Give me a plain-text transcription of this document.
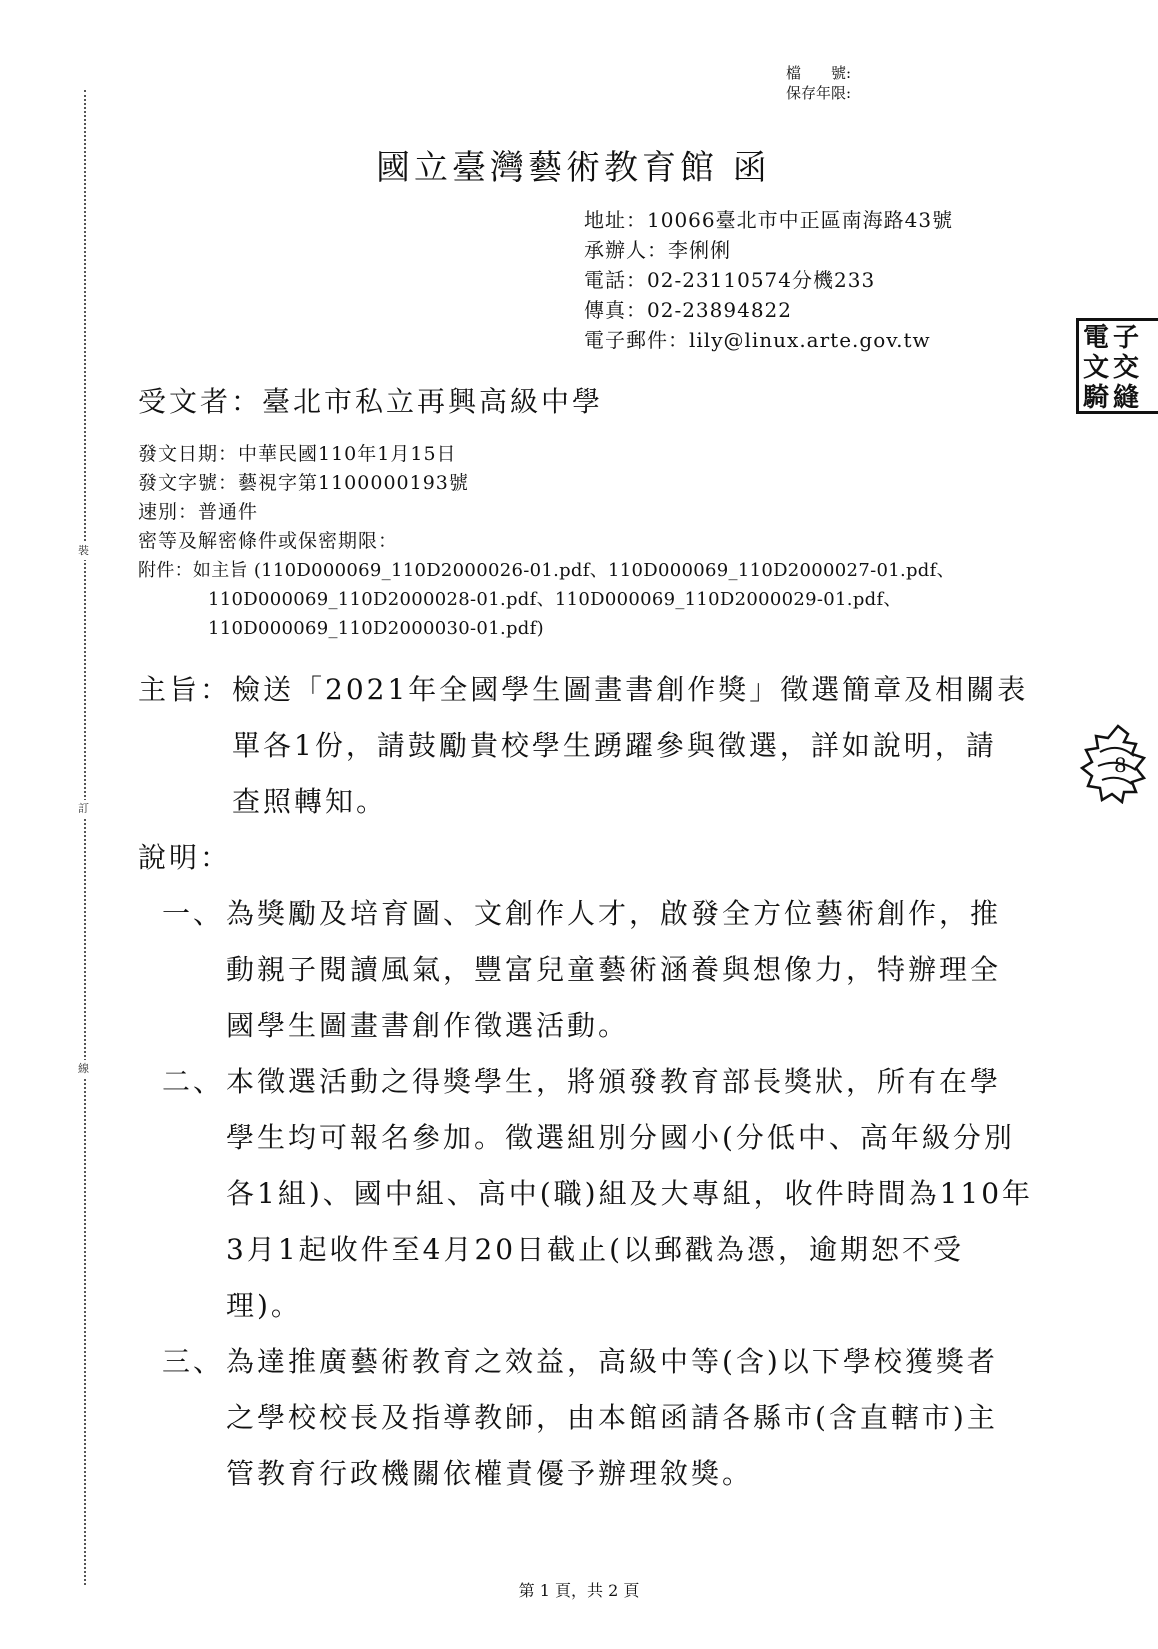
裝
訂
線
檔　　號:
保存年限:
國立臺灣藝術教育館 函
地址：10066臺北市中正區南海路43號
承辦人：李俐俐
電話：02-23110574分機233
傳真：02-23894822
電子郵件：lily@linux.arte.gov.tw
受文者：臺北市私立再興高級中學
發文日期：中華民國110年1月15日
發文字號：藝視字第1100000193號
速別：普通件
密等及解密條件或保密期限：
附件：如主旨 (110D000069_110D2000026-01.pdf、110D000069_110D2000027-01.pdf、
110D000069_110D2000028-01.pdf、110D000069_110D2000029-01.pdf、
110D000069_110D2000030-01.pdf)
主旨： 檢送「2021年全國學生圖畫書創作獎」徵選簡章及相關表
單各1份，請鼓勵貴校學生踴躍參與徵選，詳如說明，請
查照轉知。
說明：
一、 為獎勵及培育圖、文創作人才，啟發全方位藝術創作，推
動親子閱讀風氣，豐富兒童藝術涵養與想像力，特辦理全
國學生圖畫書創作徵選活動。
二、 本徵選活動之得獎學生，將頒發教育部長獎狀，所有在學
學生均可報名參加。徵選組別分國小(分低中、高年級分別
各1組)、國中組、高中(職)組及大專組，收件時間為110年
3月1起收件至4月20日截止(以郵戳為憑，逾期恕不受
理)。
三、 為達推廣藝術教育之效益，高級中等(含)以下學校獲獎者
之學校校長及指導教師，由本館函請各縣市(含直轄市)主
管教育行政機關依權責優予辦理敘獎。
第 1 頁，共 2 頁
電 子
文 交
騎 縫
8
